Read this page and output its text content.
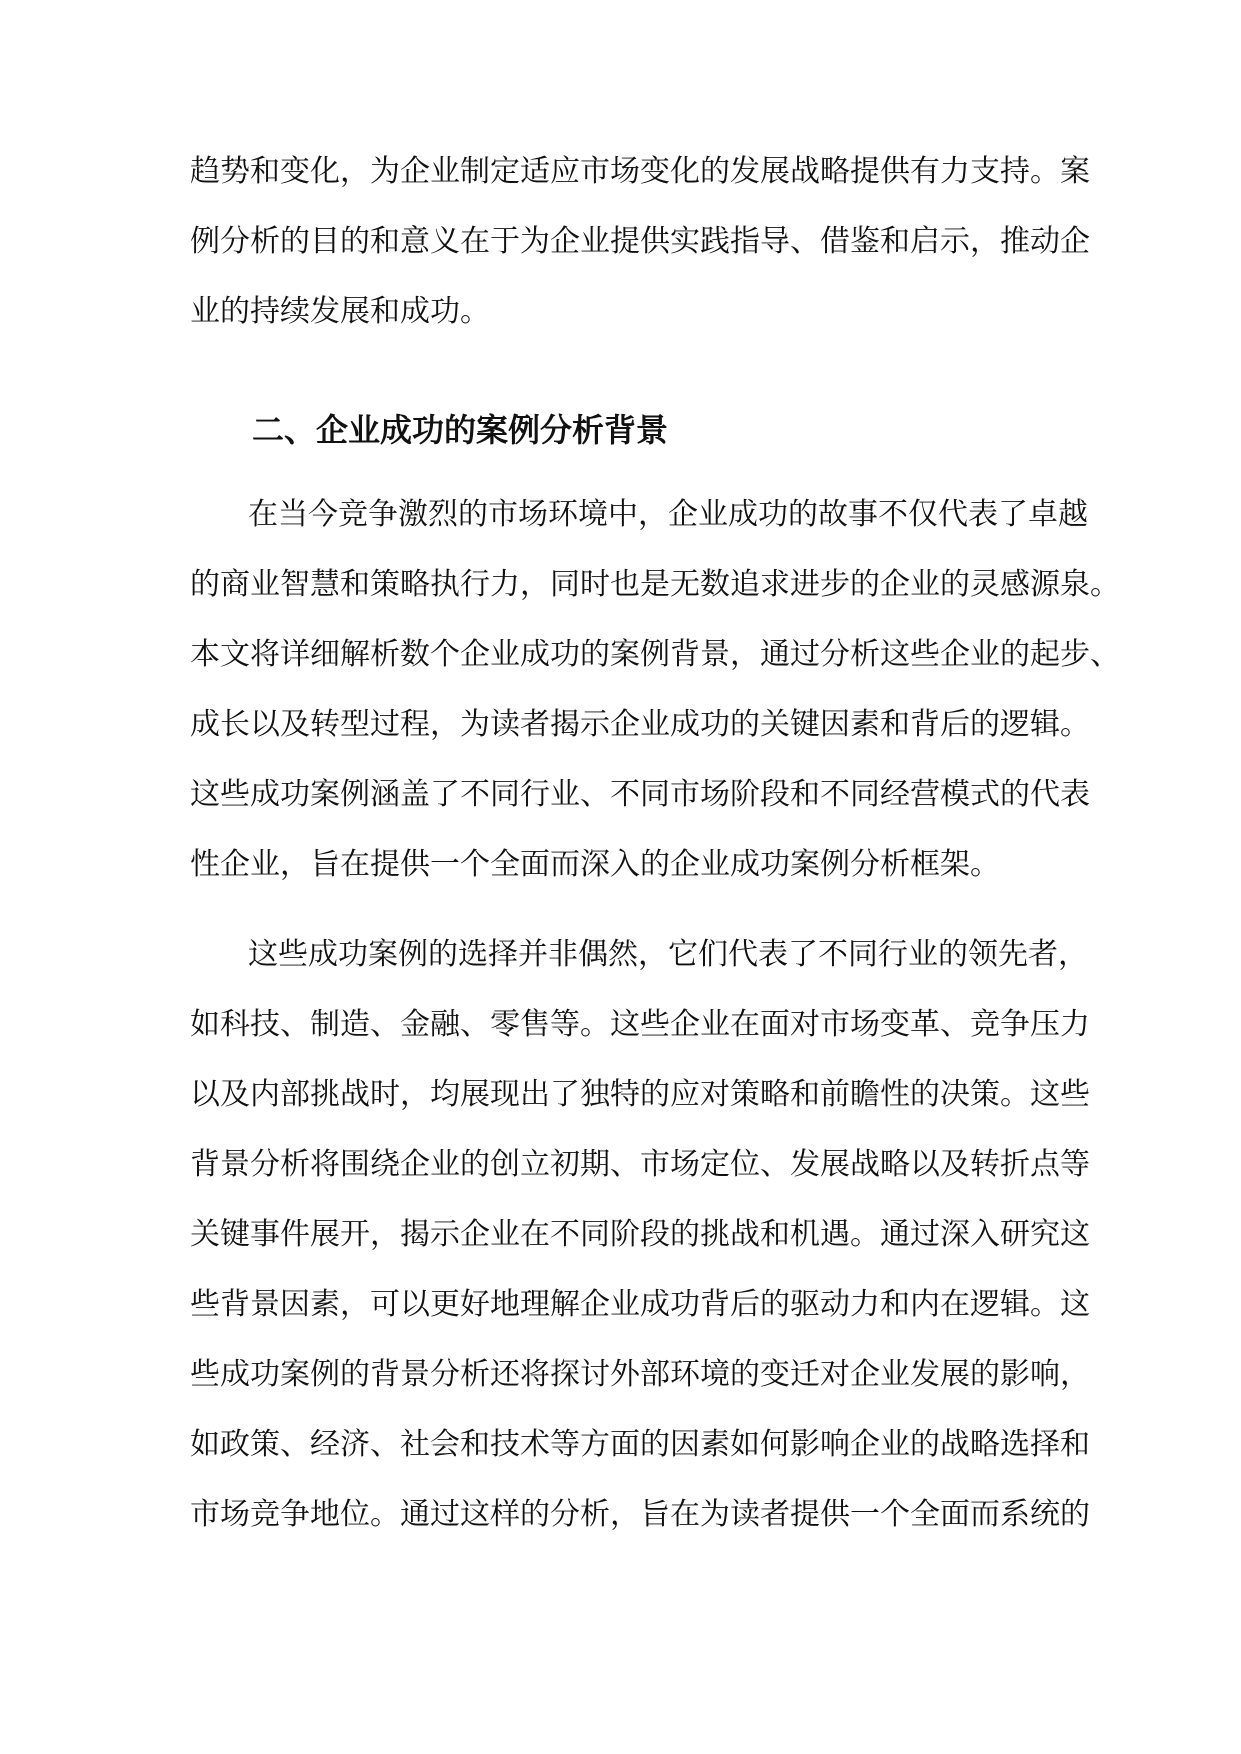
趋势和变化，为企业制定适应市场变化的发展战略提供有力支持。案
例分析的目的和意义在于为企业提供实践指导、借鉴和启示，推动企
业的持续发展和成功。
二、企业成功的案例分析背景
在当今竞争激烈的市场环境中，企业成功的故事不仅代表了卓越
的商业智慧和策略执行力，同时也是无数追求进步的企业的灵感源泉。
本文将详细解析数个企业成功的案例背景，通过分析这些企业的起步、
成长以及转型过程，为读者揭示企业成功的关键因素和背后的逻辑。
这些成功案例涵盖了不同行业、不同市场阶段和不同经营模式的代表
性企业，旨在提供一个全面而深入的企业成功案例分析框架。
这些成功案例的选择并非偶然，它们代表了不同行业的领先者，
如科技、制造、金融、零售等。这些企业在面对市场变革、竞争压力
以及内部挑战时，均展现出了独特的应对策略和前瞻性的决策。这些
背景分析将围绕企业的创立初期、市场定位、发展战略以及转折点等
关键事件展开，揭示企业在不同阶段的挑战和机遇。通过深入研究这
些背景因素，可以更好地理解企业成功背后的驱动力和内在逻辑。这
些成功案例的背景分析还将探讨外部环境的变迁对企业发展的影响，
如政策、经济、社会和技术等方面的因素如何影响企业的战略选择和
市场竞争地位。通过这样的分析，旨在为读者提供一个全面而系统的
